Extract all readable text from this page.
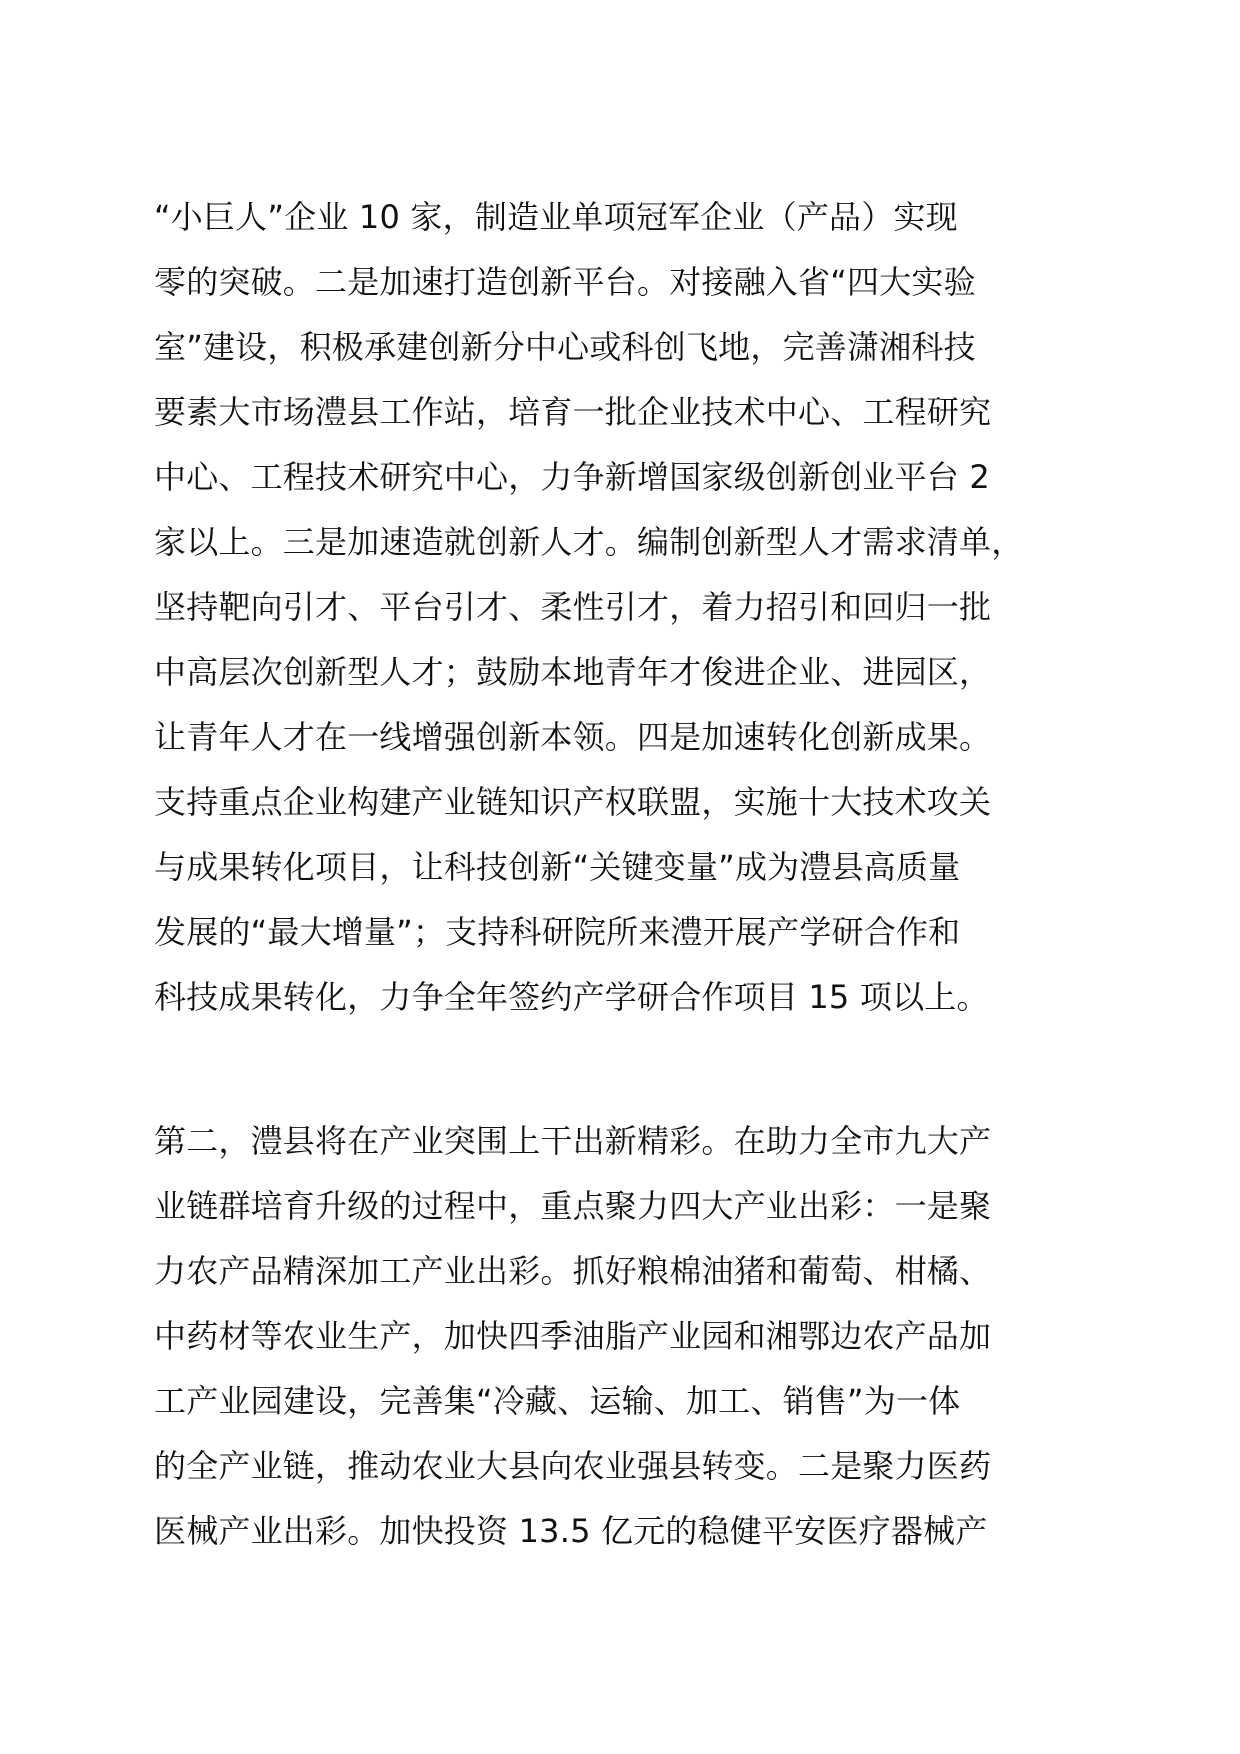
“小巨人”企业 10 家，制造业单项冠军企业（产品）实现
零的突破。二是加速打造创新平台。对接融入省“四大实验
室”建设，积极承建创新分中心或科创飞地，完善潇湘科技
要素大市场澧县工作站，培育一批企业技术中心、工程研究
中心、工程技术研究中心，力争新增国家级创新创业平台 2
家以上。三是加速造就创新人才。编制创新型人才需求清单，
坚持靶向引才、平台引才、柔性引才，着力招引和回归一批
中高层次创新型人才；鼓励本地青年才俊进企业、进园区，
让青年人才在一线增强创新本领。四是加速转化创新成果。
支持重点企业构建产业链知识产权联盟，实施十大技术攻关
与成果转化项目，让科技创新“关键变量”成为澧县高质量
发展的“最大增量”；支持科研院所来澧开展产学研合作和
科技成果转化，力争全年签约产学研合作项目 15 项以上。
第二，澧县将在产业突围上干出新精彩。在助力全市九大产
业链群培育升级的过程中，重点聚力四大产业出彩：一是聚
力农产品精深加工产业出彩。抓好粮棉油猪和葡萄、柑橘、
中药材等农业生产，加快四季油脂产业园和湘鄂边农产品加
工产业园建设，完善集“冷藏、运输、加工、销售”为一体
的全产业链，推动农业大县向农业强县转变。二是聚力医药
医械产业出彩。加快投资 13.5 亿元的稳健平安医疗器械产
